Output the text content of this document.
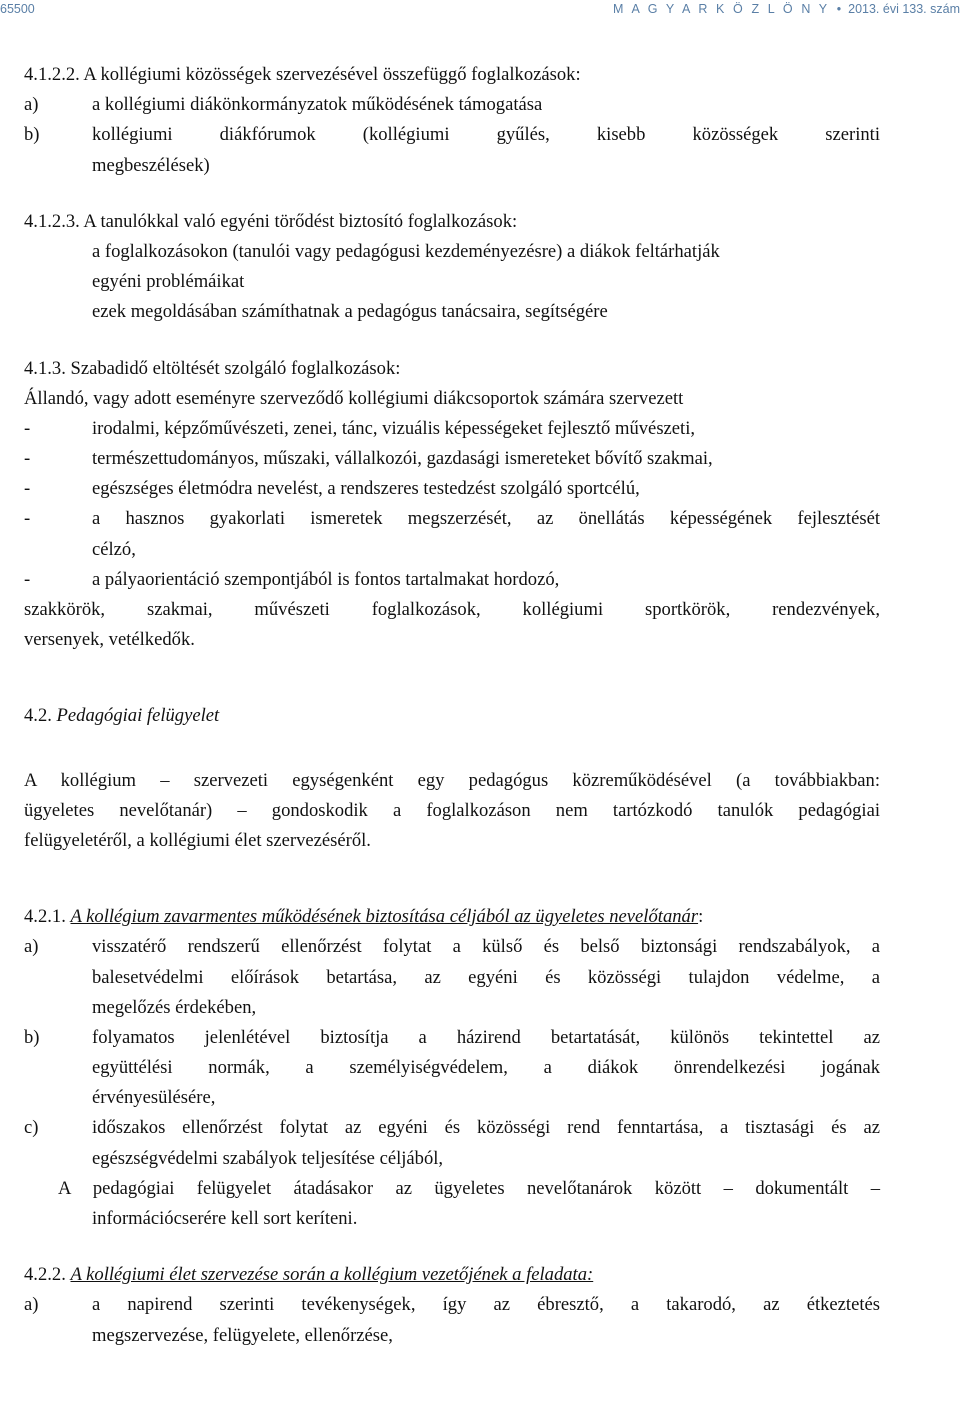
65500	M A G Y A R K Ö Z L Ö N Y • 2013. évi 133. szám
4.1.2.2. A kollégiumi közösségek szervezésével összefüggő foglalkozások:
a)	a kollégiumi diákönkormányzatok működésének támogatása
b)	kollégiumi diákfórumok (kollégiumi gyűlés, kisebb közösségek szerinti
megbeszélések)
4.1.2.3. A tanulókkal való egyéni törődést biztosító foglalkozások:
a foglalkozásokon (tanulói vagy pedagógusi kezdeményezésre) a diákok feltárhatják
egyéni problémáikat
ezek megoldásában számíthatnak a pedagógus tanácsaira, segítségére
4.1.3. Szabadidő eltöltését szolgáló foglalkozások:
Állandó, vagy adott eseményre szerveződő kollégiumi diákcsoportok számára szervezett
-	irodalmi, képzőművészeti, zenei, tánc, vizuális képességeket fejlesztő művészeti,
-	természettudományos, műszaki, vállalkozói, gazdasági ismereteket bővítő szakmai,
-	egészséges életmódra nevelést, a rendszeres testedzést szolgáló sportcélú,
-	a hasznos gyakorlati ismeretek megszerzését, az önellátás képességének fejlesztését
célzó,
-	a pályaorientáció szempontjából is fontos tartalmakat hordozó,
szakkörök, szakmai, művészeti foglalkozások, kollégiumi sportkörök, rendezvények,
versenyek, vetélkedők.
4.2. Pedagógiai felügyelet
A kollégium – szervezeti egységenként egy pedagógus közreműködésével (a továbbiakban:
ügyeletes nevelőtanár) – gondoskodik a foglalkozáson nem tartózkodó tanulók pedagógiai
felügyeletéről, a kollégiumi élet szervezéséről.
4.2.1. A kollégium zavarmentes működésének biztosítása céljából az ügyeletes nevelőtanár:
a)	visszatérő rendszerű ellenőrzést folytat a külső és belső biztonsági rendszabályok, a
balesetvédelmi előírások betartása, az egyéni és közösségi tulajdon védelme, a
megelőzés érdekében,
b)	folyamatos jelenlétével biztosítja a házirend betartatását, különös tekintettel az
együttélési normák, a személyiségvédelem, a diákok önrendelkezési jogának
érvényesülésére,
c)	időszakos ellenőrzést folytat az egyéni és közösségi rend fenntartása, a tisztasági és az
egészségvédelmi szabályok teljesítése céljából,
A pedagógiai felügyelet átadásakor az ügyeletes nevelőtanárok között – dokumentált –
információcserére kell sort keríteni.
4.2.2. A kollégiumi élet szervezése során a kollégium vezetőjének a feladata:
a)	a napirend szerinti tevékenységek, így az ébresztő, a takarodó, az étkeztetés
megszervezése, felügyelete, ellenőrzése,
